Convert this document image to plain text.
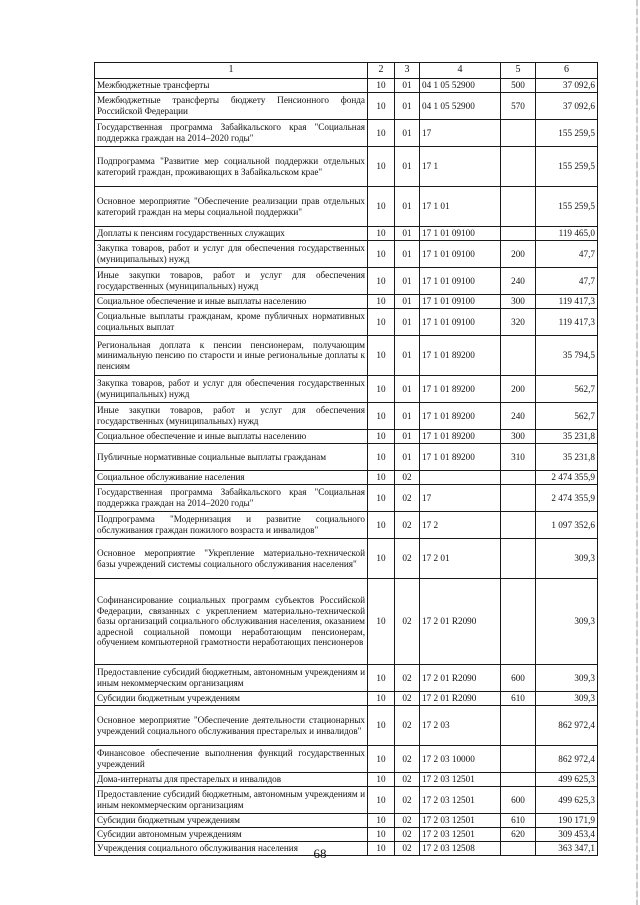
1	2	3	4	5	6
Межбюджетные трансферты	10	01	04 1 05 52900	500	37 092,6
Межбюджетные трансферты бюджету Пенсионного фонда Российской Федерации	10	01	04 1 05 52900	570	37 092,6
Государственная программа Забайкальского края "Социальная поддержка граждан на 2014–2020 годы"	10	01	17		155 259,5
Подпрограмма "Развитие мер социальной поддержки отдельных категорий граждан, проживающих в Забайкальском крае"	10	01	17 1		155 259,5
Основное мероприятие "Обеспечение реализации прав отдельных категорий граждан на меры социальной поддержки"	10	01	17 1 01		155 259,5
Доплаты к пенсиям государственных служащих	10	01	17 1 01 09100		119 465,0
Закупка товаров, работ и услуг для обеспечения государственных (муниципальных) нужд	10	01	17 1 01 09100	200	47,7
Иные закупки товаров, работ и услуг для обеспечения государственных (муниципальных) нужд	10	01	17 1 01 09100	240	47,7
Социальное обеспечение и иные выплаты населению	10	01	17 1 01 09100	300	119 417,3
Социальные выплаты гражданам, кроме публичных нормативных социальных выплат	10	01	17 1 01 09100	320	119 417,3
Региональная доплата к пенсии пенсионерам, получающим минимальную пенсию по старости и иные региональные доплаты к пенсиям	10	01	17 1 01 89200		35 794,5
Закупка товаров, работ и услуг для обеспечения государственных (муниципальных) нужд	10	01	17 1 01 89200	200	562,7
Иные закупки товаров, работ и услуг для обеспечения государственных (муниципальных) нужд	10	01	17 1 01 89200	240	562,7
Социальное обеспечение и иные выплаты населению	10	01	17 1 01 89200	300	35 231,8
Публичные нормативные социальные выплаты гражданам	10	01	17 1 01 89200	310	35 231,8
Социальное обслуживание населения	10	02			2 474 355,9
Государственная программа Забайкальского края "Социальная поддержка граждан на 2014–2020 годы"	10	02	17		2 474 355,9
Подпрограмма "Модернизация и развитие социального обслуживания граждан пожилого возраста и инвалидов"	10	02	17 2		1 097 352,6
Основное мероприятие "Укрепление материально-технической базы учреждений системы социального обслуживания населения"	10	02	17 2 01		309,3
Софинансирование социальных программ субъектов Российской Федерации, связанных с укреплением материально-технической базы организаций социального обслуживания населения, оказанием адресной социальной помощи неработающим пенсионерам, обучением компьютерной грамотности неработающих пенсионеров	10	02	17 2 01 R2090		309,3
Предоставление субсидий бюджетным, автономным учреждениям и иным некоммерческим организациям	10	02	17 2 01 R2090	600	309,3
Субсидии бюджетным учреждениям	10	02	17 2 01 R2090	610	309,3
Основное мероприятие "Обеспечение деятельности стационарных учреждений социального обслуживания престарелых и инвалидов"	10	02	17 2 03		862 972,4
Финансовое обеспечение выполнения функций государственных учреждений	10	02	17 2 03 10000		862 972,4
Дома-интернаты для престарелых и инвалидов	10	02	17 2 03 12501		499 625,3
Предоставление субсидий бюджетным, автономным учреждениям и иным некоммерческим организациям	10	02	17 2 03 12501	600	499 625,3
Субсидии бюджетным учреждениям	10	02	17 2 03 12501	610	190 171,9
Субсидии автономным учреждениям	10	02	17 2 03 12501	620	309 453,4
Учреждения социального обслуживания населения	10	02	17 2 03 12508		363 347,1
68
